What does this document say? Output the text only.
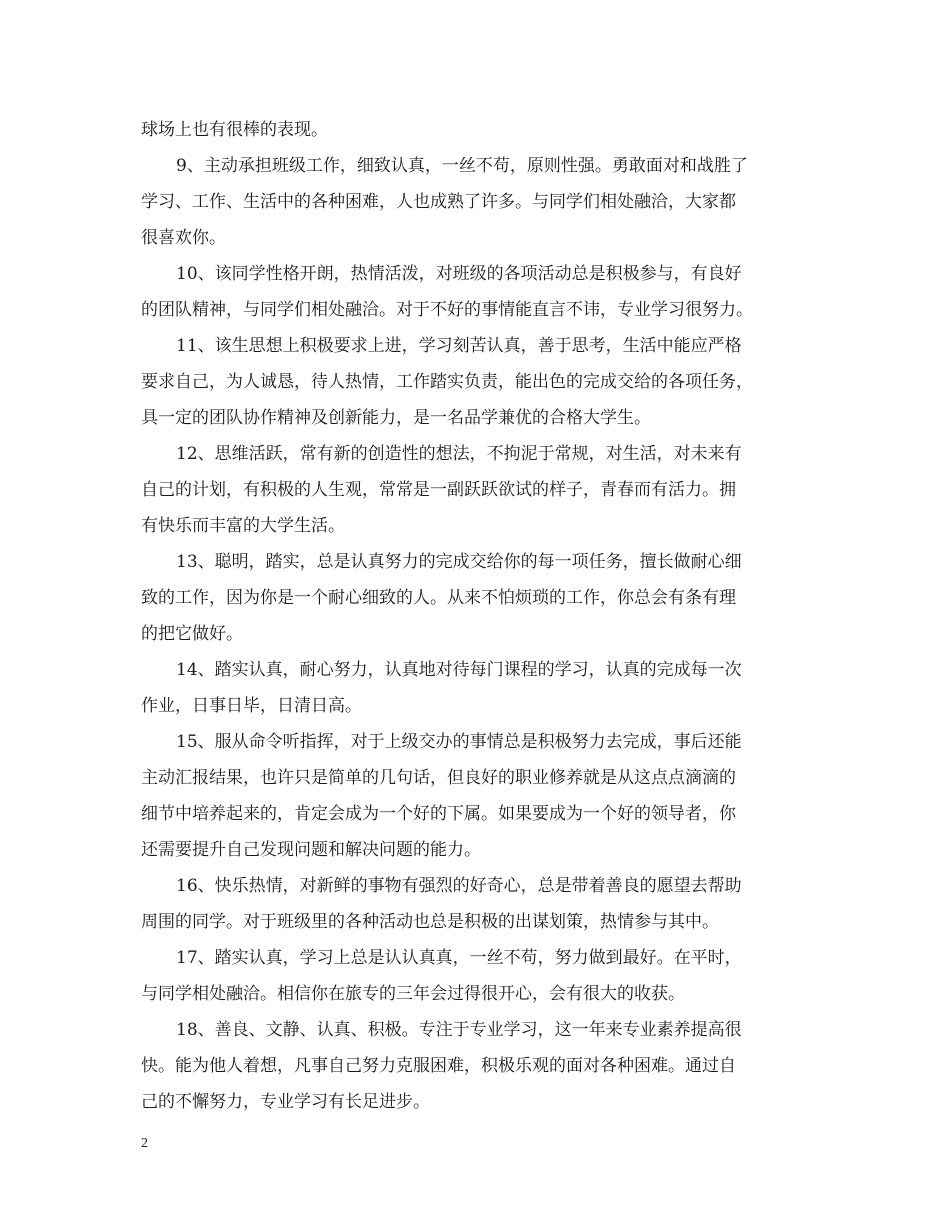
球场上也有很棒的表现。
9、主动承担班级工作，细致认真，一丝不苟，原则性强。勇敢面对和战胜了
学习、工作、生活中的各种困难，人也成熟了许多。与同学们相处融洽，大家都
很喜欢你。
10、该同学性格开朗，热情活泼，对班级的各项活动总是积极参与，有良好
的团队精神，与同学们相处融洽。对于不好的事情能直言不讳，专业学习很努力。
11、该生思想上积极要求上进，学习刻苦认真，善于思考，生活中能应严格
要求自己，为人诚恳，待人热情，工作踏实负责，能出色的完成交给的各项任务，
具一定的团队协作精神及创新能力，是一名品学兼优的合格大学生。
12、思维活跃，常有新的创造性的想法，不拘泥于常规，对生活，对未来有
自己的计划，有积极的人生观，常常是一副跃跃欲试的样子，青春而有活力。拥
有快乐而丰富的大学生活。
13、聪明，踏实，总是认真努力的完成交给你的每一项任务，擅长做耐心细
致的工作，因为你是一个耐心细致的人。从来不怕烦琐的工作，你总会有条有理
的把它做好。
14、踏实认真，耐心努力，认真地对待每门课程的学习，认真的完成每一次
作业，日事日毕，日清日高。
15、服从命令听指挥，对于上级交办的事情总是积极努力去完成，事后还能
主动汇报结果，也许只是简单的几句话，但良好的职业修养就是从这点点滴滴的
细节中培养起来的，肯定会成为一个好的下属。如果要成为一个好的领导者，你
还需要提升自己发现问题和解决问题的能力。
16、快乐热情，对新鲜的事物有强烈的好奇心，总是带着善良的愿望去帮助
周围的同学。对于班级里的各种活动也总是积极的出谋划策，热情参与其中。
17、踏实认真，学习上总是认认真真，一丝不苟，努力做到最好。在平时，
与同学相处融洽。相信你在旅专的三年会过得很开心，会有很大的收获。
18、善良、文静、认真、积极。专注于专业学习，这一年来专业素养提高很
快。能为他人着想，凡事自己努力克服困难，积极乐观的面对各种困难。通过自
己的不懈努力，专业学习有长足进步。
2
